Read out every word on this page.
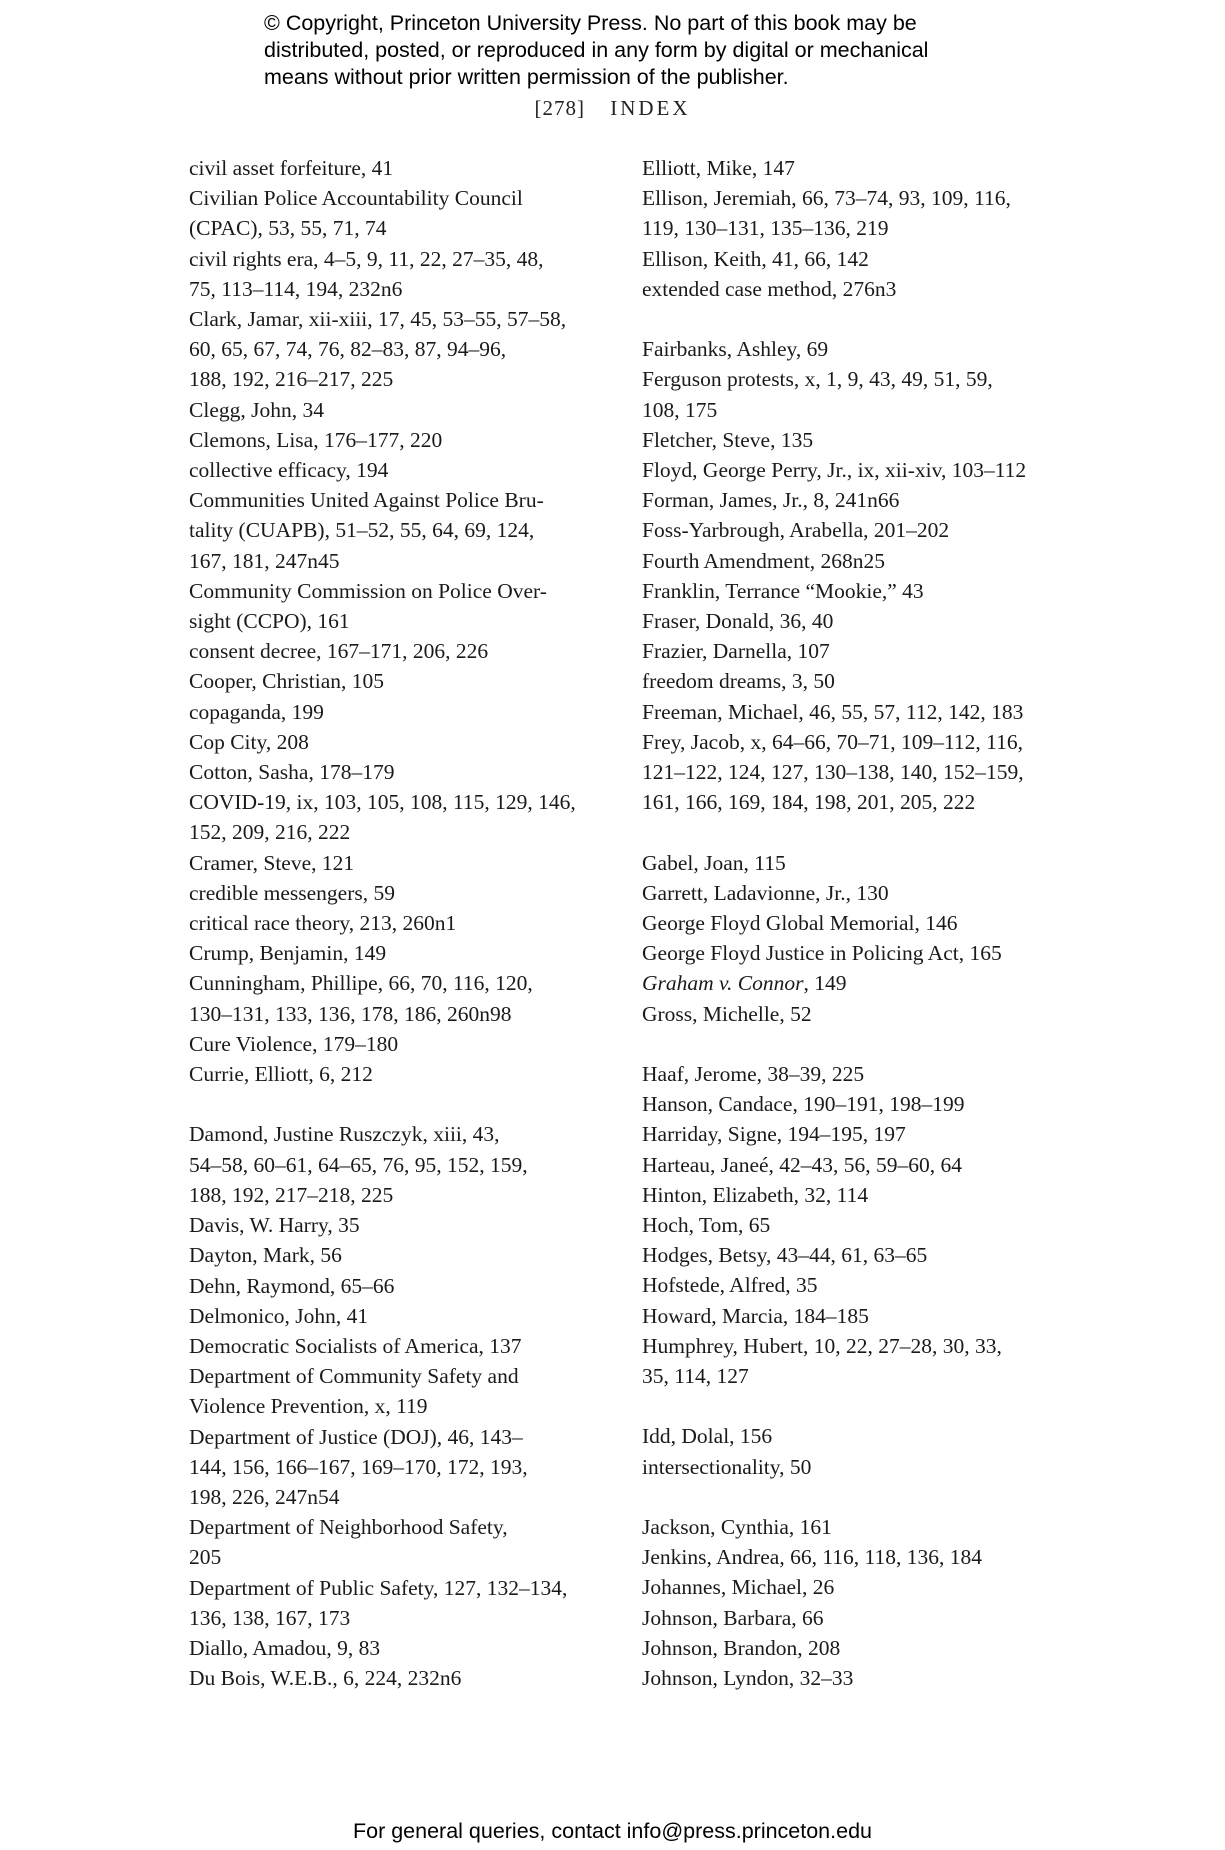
© Copyright, Princeton University Press. No part of this book may be
distributed, posted, or reproduced in any form by digital or mechanical
means without prior written permission of the publisher.
[278] INDEX
civil asset forfeiture, 41
Civilian Police Accountability Council
(CPAC), 53, 55, 71, 74
civil rights era, 4–5, 9, 11, 22, 27–35, 48,
75, 113–114, 194, 232n6
Clark, Jamar, xii-xiii, 17, 45, 53–55, 57–58,
60, 65, 67, 74, 76, 82–83, 87, 94–96,
188, 192, 216–217, 225
Clegg, John, 34
Clemons, Lisa, 176–177, 220
collective efficacy, 194
Communities United Against Police Bru-
tality (CUAPB), 51–52, 55, 64, 69, 124,
167, 181, 247n45
Community Commission on Police Over-
sight (CCPO), 161
consent decree, 167–171, 206, 226
Cooper, Christian, 105
copaganda, 199
Cop City, 208
Cotton, Sasha, 178–179
COVID-19, ix, 103, 105, 108, 115, 129, 146,
152, 209, 216, 222
Cramer, Steve, 121
credible messengers, 59
critical race theory, 213, 260n1
Crump, Benjamin, 149
Cunningham, Phillipe, 66, 70, 116, 120,
130–131, 133, 136, 178, 186, 260n98
Cure Violence, 179–180
Currie, Elliott, 6, 212
Damond, Justine Ruszczyk, xiii, 43,
54–58, 60–61, 64–65, 76, 95, 152, 159,
188, 192, 217–218, 225
Davis, W. Harry, 35
Dayton, Mark, 56
Dehn, Raymond, 65–66
Delmonico, John, 41
Democratic Socialists of America, 137
Department of Community Safety and
Violence Prevention, x, 119
Department of Justice (DOJ), 46, 143–
144, 156, 166–167, 169–170, 172, 193,
198, 226, 247n54
Department of Neighborhood Safety,
205
Department of Public Safety, 127, 132–134,
136, 138, 167, 173
Diallo, Amadou, 9, 83
Du Bois, W.E.B., 6, 224, 232n6
Elliott, Mike, 147
Ellison, Jeremiah, 66, 73–74, 93, 109, 116,
119, 130–131, 135–136, 219
Ellison, Keith, 41, 66, 142
extended case method, 276n3
Fairbanks, Ashley, 69
Ferguson protests, x, 1, 9, 43, 49, 51, 59,
108, 175
Fletcher, Steve, 135
Floyd, George Perry, Jr., ix, xii-xiv, 103–112
Forman, James, Jr., 8, 241n66
Foss-Yarbrough, Arabella, 201–202
Fourth Amendment, 268n25
Franklin, Terrance “Mookie,” 43
Fraser, Donald, 36, 40
Frazier, Darnella, 107
freedom dreams, 3, 50
Freeman, Michael, 46, 55, 57, 112, 142, 183
Frey, Jacob, x, 64–66, 70–71, 109–112, 116,
121–122, 124, 127, 130–138, 140, 152–159,
161, 166, 169, 184, 198, 201, 205, 222
Gabel, Joan, 115
Garrett, Ladavionne, Jr., 130
George Floyd Global Memorial, 146
George Floyd Justice in Policing Act, 165
Graham v. Connor, 149
Gross, Michelle, 52
Haaf, Jerome, 38–39, 225
Hanson, Candace, 190–191, 198–199
Harriday, Signe, 194–195, 197
Harteau, Janeé, 42–43, 56, 59–60, 64
Hinton, Elizabeth, 32, 114
Hoch, Tom, 65
Hodges, Betsy, 43–44, 61, 63–65
Hofstede, Alfred, 35
Howard, Marcia, 184–185
Humphrey, Hubert, 10, 22, 27–28, 30, 33,
35, 114, 127
Idd, Dolal, 156
intersectionality, 50
Jackson, Cynthia, 161
Jenkins, Andrea, 66, 116, 118, 136, 184
Johannes, Michael, 26
Johnson, Barbara, 66
Johnson, Brandon, 208
Johnson, Lyndon, 32–33
For general queries, contact info@press.princeton.edu
